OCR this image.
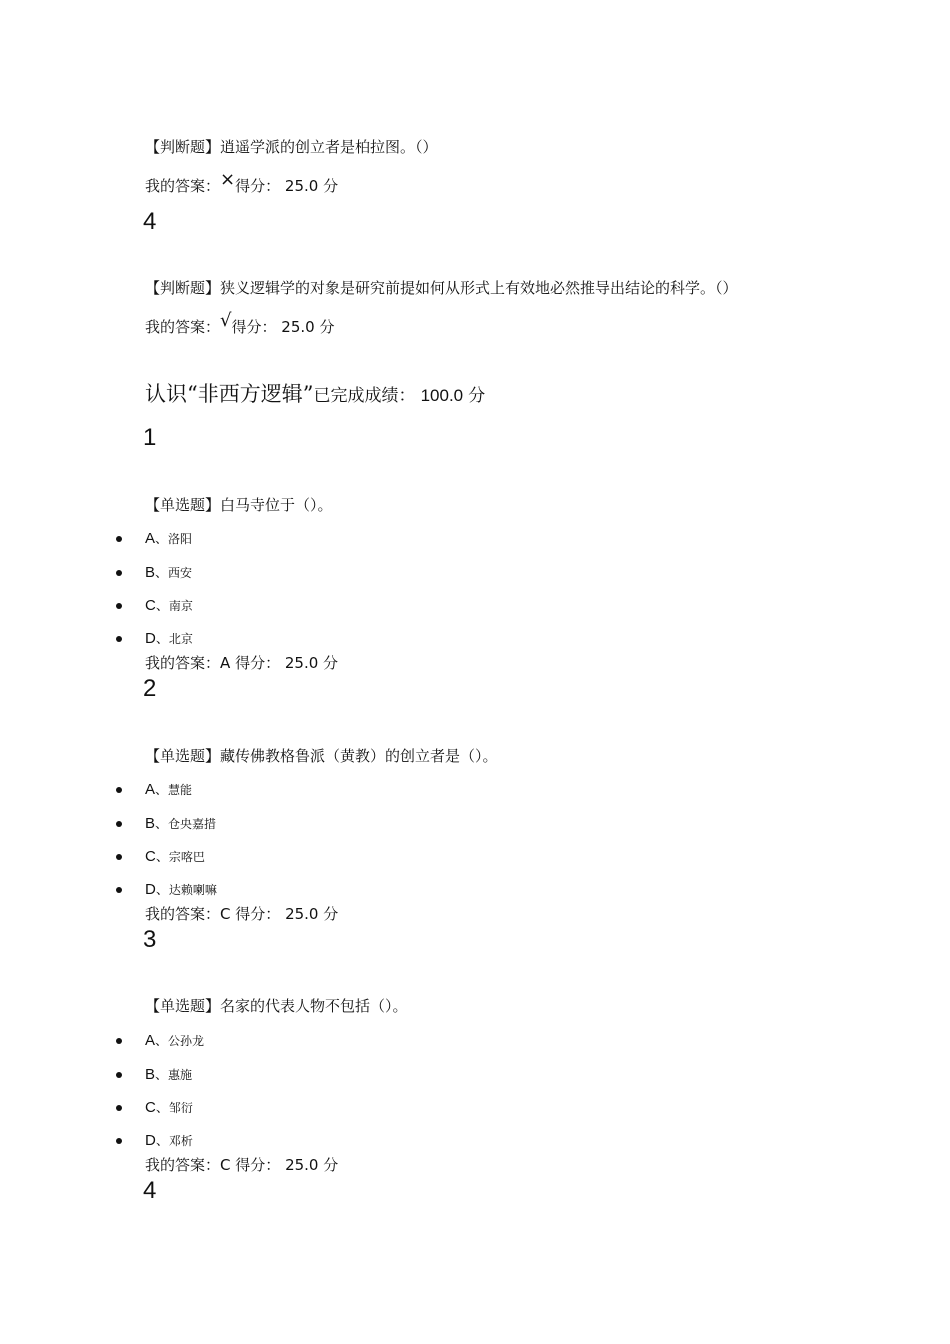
【判断题】逍遥学派的创立者是柏拉图。（）
我的答案：×得分： 25.0 分
4
【判断题】狭义逻辑学的对象是研究前提如何从形式上有效地必然推导出结论的科学。（）
我的答案：√得分： 25.0 分
认识“非西方逻辑”已完成成绩： 100.0 分
1
【单选题】白马寺位于（）。
A、洛阳
B、西安
C、南京
D、北京
我的答案：A 得分： 25.0 分
2
【单选题】藏传佛教格鲁派（黄教）的创立者是（）。
A、慧能
B、仓央嘉措
C、宗喀巴
D、达赖喇嘛
我的答案：C 得分： 25.0 分
3
【单选题】名家的代表人物不包括（）。
A、公孙龙
B、惠施
C、邹衍
D、邓析
我的答案：C 得分： 25.0 分
4
